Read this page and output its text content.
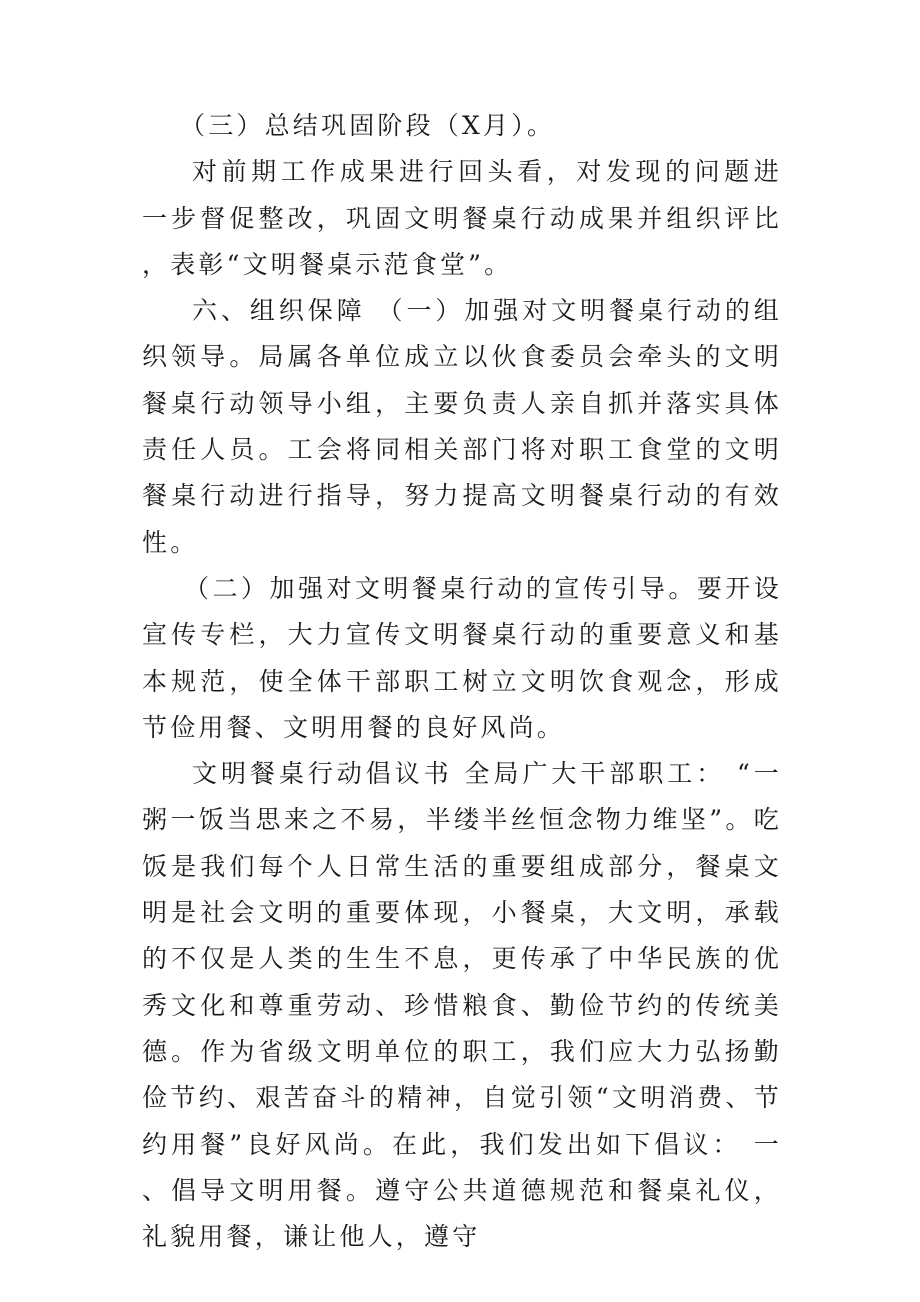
（三）总结巩固阶段（X月）。

对前期工作成果进行回头看，对发现的问题进一步督促整改，巩固文明餐桌行动成果并组织评比，表彰“文明餐桌示范食堂”。

六、组织保障 （一）加强对文明餐桌行动的组织领导。局属各单位成立以伙食委员会牵头的文明餐桌行动领导小组，主要负责人亲自抓并落实具体责任人员。工会将同相关部门将对职工食堂的文明餐桌行动进行指导，努力提高文明餐桌行动的有效性。

（二）加强对文明餐桌行动的宣传引导。要开设宣传专栏，大力宣传文明餐桌行动的重要意义和基本规范，使全体干部职工树立文明饮食观念，形成节俭用餐、文明用餐的良好风尚。

文明餐桌行动倡议书 全局广大干部职工： “一粥一饭当思来之不易，半缕半丝恒念物力维坚”。吃饭是我们每个人日常生活的重要组成部分，餐桌文明是社会文明的重要体现，小餐桌，大文明，承载的不仅是人类的生生不息，更传承了中华民族的优秀文化和尊重劳动、珍惜粮食、勤俭节约的传统美德。作为省级文明单位的职工，我们应大力弘扬勤俭节约、艰苦奋斗的精神，自觉引领“文明消费、节约用餐”良好风尚。在此，我们发出如下倡议： 一、倡导文明用餐。遵守公共道德规范和餐桌礼仪，礼貌用餐，谦让他人，遵守
